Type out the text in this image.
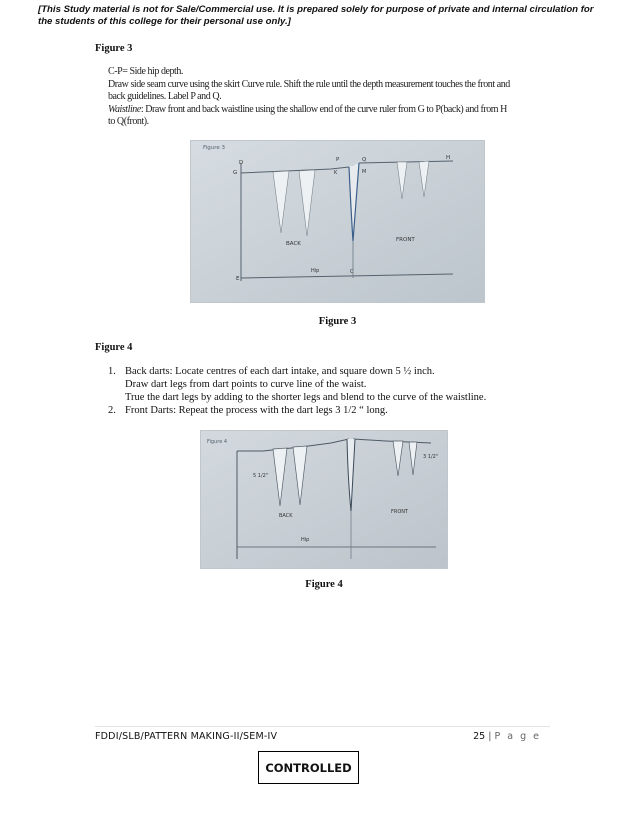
[This Study material is not for Sale/Commercial use. It is prepared solely for purpose of private and internal circulation for the students of this college for their personal use only.]
Figure 3
C-P= Side hip depth.
Draw side seam curve using the skirt Curve rule. Shift the rule until the depth measurement touches the front and
back guidelines. Label P and Q.
Waistline: Draw front and back waistline using the shallow end of the curve ruler from G to P(back) and from H
to Q(front).
Figure 3
D
G
P	Q
K	M
H
E
C
BACK
FRONT
Hip
Figure 3
Figure 4
1. Back darts: Locate centres of each dart intake, and square down 5 ½ inch.
Draw dart legs from dart points to curve line of the waist.
True the dart legs by adding to the shorter legs and blend to the curve of the waistline.
2. Front Darts: Repeat the process with the dart legs 3 1/2 “ long.
Figure 4
5 1/2"
3 1/2"
BACK
FRONT
Hip
Figure 4
FDDI/SLB/PATTERN MAKING-II/SEM-IV	25 | P a g e
CONTROLLED
